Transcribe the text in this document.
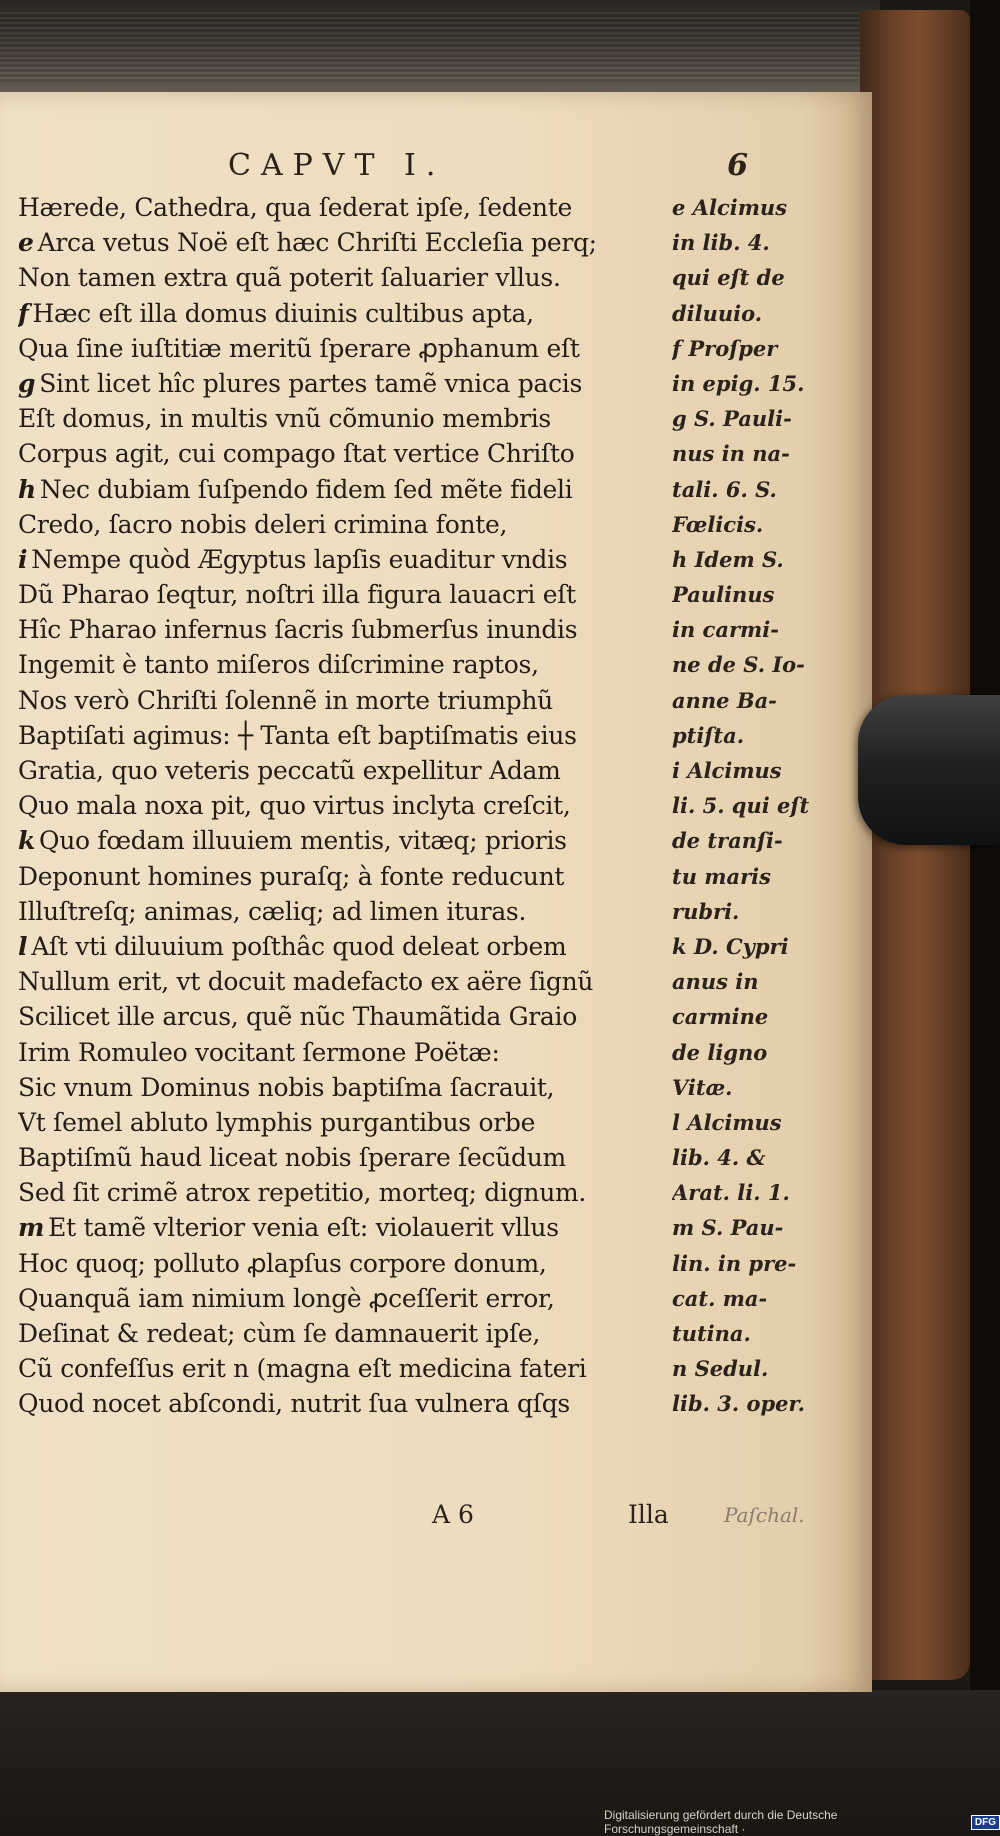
CAPVT I.	6
Hærede, Cathedra, qua ſederat ipſe, ſedente
e Arca vetus Noë eſt hæc Chriſti Eccleſia perq;
Non tamen extra quã poterit ſaluarier vllus.
f Hæc eſt illa domus diuinis cultibus apta,
Qua ſine iuſtitiæ meritũ ſperare ꝓphanum eſt
g Sint licet hîc plures partes tamẽ vnica pacis
Eſt domus, in multis vnũ cõmunio membris
Corpus agit, cui compago ſtat vertice Chriſto
h Nec dubiam ſuſpendo fidem ſed mẽte fideli
Credo, ſacro nobis deleri crimina fonte,
i Nempe quòd Ægyptus lapſis euaditur vndis
Dũ Pharao ſeqtur, noſtri illa figura lauacri eſt
Hîc Pharao infernus ſacris ſubmerſus inundis
Ingemit è tanto miſeros diſcrimine raptos,
Nos verò Chriſti ſolennẽ in morte triumphũ
Baptiſati agimus: ┼ Tanta eſt baptiſmatis eius
Gratia, quo veteris peccatũ expellitur Adam
Quo mala noxa pit, quo virtus inclyta creſcit,
k Quo fœdam illuuiem mentis, vitæq; prioris
Deponunt homines puraſq; à fonte reducunt
Illuſtreſq; animas, cæliq; ad limen ituras.
l Aſt vti diluuium poſthâc quod deleat orbem
Nullum erit, vt docuit madefacto ex aëre ſignũ
Scilicet ille arcus, quẽ nũc Thaumãtida Graio
Irim Romuleo vocitant ſermone Poëtæ:
Sic vnum Dominus nobis baptiſma ſacrauit,
Vt ſemel abluto lymphis purgantibus orbe
Baptiſmũ haud liceat nobis ſperare ſecũdum
Sed ſit crimẽ atrox repetitio, morteq; dignum.
m Et tamẽ vlterior venia eſt: violauerit vllus
Hoc quoq; polluto ꝓlapſus corpore donum,
Quanquã iam nimium longè ꝓceſſerit error,
Deſinat & redeat; cùm ſe damnauerit ipſe,
Cũ confeſſus erit n (magna eſt medicina fateri
Quod nocet abſcondi, nutrit ſua vulnera qſqs
e Alcimus
in lib. 4.
qui eſt de
diluuio.
f Proſper
in epig. 15.
g S. Pauli-
nus in na-
tali. 6. S.
Fœlicis.
h Idem S.
Paulinus
in carmi-
ne de S. Io-
anne Ba-
ptiſta.
i Alcimus
li. 5. qui eſt
de tranſi-
tu maris
rubri.
k D. Cypri
anus in
carmine
de ligno
Vitæ.
l Alcimus
lib. 4. &
Arat. li. 1.
m S. Pau-
lin. in pre-
cat. ma-
tutina.
n Sedul.
lib. 3. oper.
A 6	Illa	Paſchal.
Digitalisierung gefördert durch die Deutsche Forschungsgemeinschaft ·	DFG
